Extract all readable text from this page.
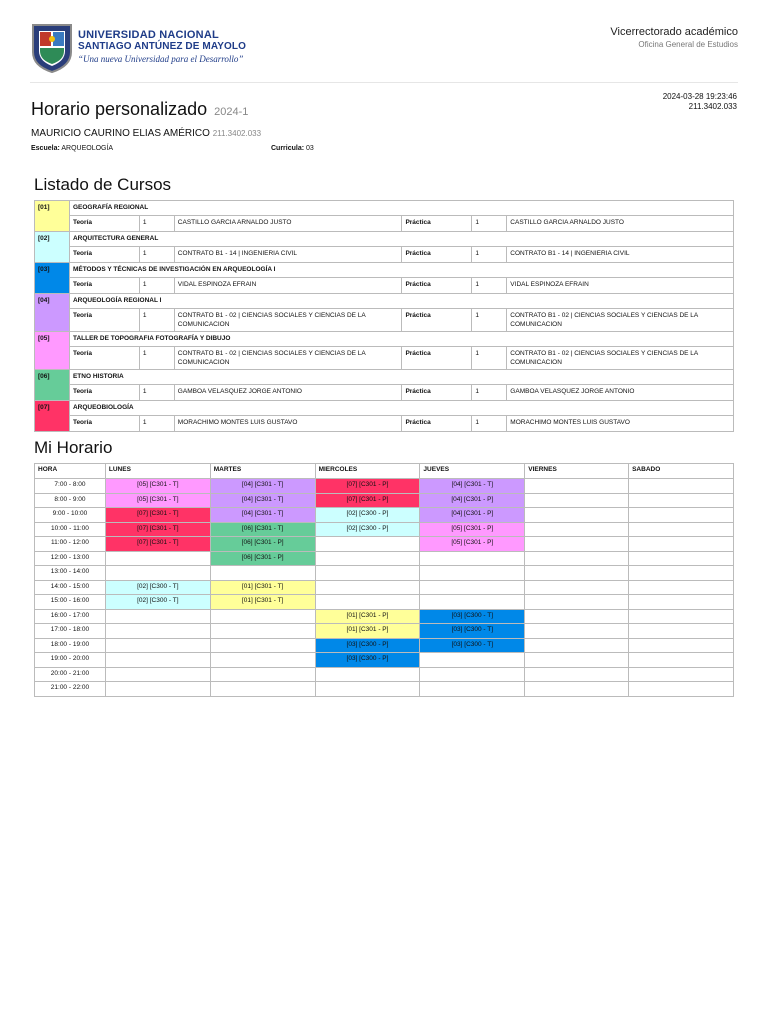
UNIVERSIDAD NACIONAL
SANTIAGO ANTÚNEZ DE MAYOLO
“Una nueva Universidad para el Desarrollo”
Vicerrectorado académico
Oficina General de Estudios
2024-03-28 19:23:46
211.3402.033
Horario personalizado 2024-1
MAURICIO CAURINO ELIAS AMÉRICO 211.3402.033
Escuela: ARQUEOLOGÍA	Curricula: 03
Listado de Cursos
[01]	GEOGRAFÍA REGIONAL					
	Teoría	1	CASTILLO GARCIA ARNALDO JUSTO	Práctica	1	CASTILLO GARCIA ARNALDO JUSTO
[02]	ARQUITECTURA GENERAL					
	Teoría	1	CONTRATO B1 - 14 | INGENIERIA CIVIL	Práctica	1	CONTRATO B1 - 14 | INGENIERIA CIVIL
[03]	MÉTODOS Y TÉCNICAS DE INVESTIGACIÓN EN ARQUEOLOGÍA I					
	Teoría	1	VIDAL ESPINOZA EFRAIN	Práctica	1	VIDAL ESPINOZA EFRAIN
[04]	ARQUEOLOGÍA REGIONAL I					
	Teoría	1	CONTRATO B1 - 02 | CIENCIAS SOCIALES Y CIENCIAS DE LA COMUNICACION	Práctica	1	CONTRATO B1 - 02 | CIENCIAS SOCIALES Y CIENCIAS DE LA COMUNICACION
[05]	TALLER DE TOPOGRAFIA FOTOGRAFÍA Y DIBUJO					
	Teoría	1	CONTRATO B1 - 02 | CIENCIAS SOCIALES Y CIENCIAS DE LA COMUNICACION	Práctica	1	CONTRATO B1 - 02 | CIENCIAS SOCIALES Y CIENCIAS DE LA COMUNICACION
[06]	ETNO HISTORIA					
	Teoría	1	GAMBOA VELASQUEZ JORGE ANTONIO	Práctica	1	GAMBOA VELASQUEZ JORGE ANTONIO
[07]	ARQUEOBIOLOGÍA					
	Teoría	1	MORACHIMO MONTES LUIS GUSTAVO	Práctica	1	MORACHIMO MONTES LUIS GUSTAVO
Mi Horario
HORA	LUNES	MARTES	MIERCOLES	JUEVES	VIERNES	SABADO
7:00 - 8:00	[05] [C301 - T]	[04] [C301 - T]	[07] [C301 - P]	[04] [C301 - T]		
8:00 - 9:00	[05] [C301 - T]	[04] [C301 - T]	[07] [C301 - P]	[04] [C301 - P]		
9:00 - 10:00	[07] [C301 - T]	[04] [C301 - T]	[02] [C300 - P]	[04] [C301 - P]		
10:00 - 11:00	[07] [C301 - T]	[06] [C301 - T]	[02] [C300 - P]	[05] [C301 - P]		
11:00 - 12:00	[07] [C301 - T]	[06] [C301 - P]		[05] [C301 - P]		
12:00 - 13:00		[06] [C301 - P]				
13:00 - 14:00						
14:00 - 15:00	[02] [C300 - T]	[01] [C301 - T]				
15:00 - 16:00	[02] [C300 - T]	[01] [C301 - T]				
16:00 - 17:00			[01] [C301 - P]	[03] [C300 - T]		
17:00 - 18:00			[01] [C301 - P]	[03] [C300 - T]		
18:00 - 19:00			[03] [C300 - P]	[03] [C300 - T]		
19:00 - 20:00			[03] [C300 - P]			
20:00 - 21:00						
21:00 - 22:00						
